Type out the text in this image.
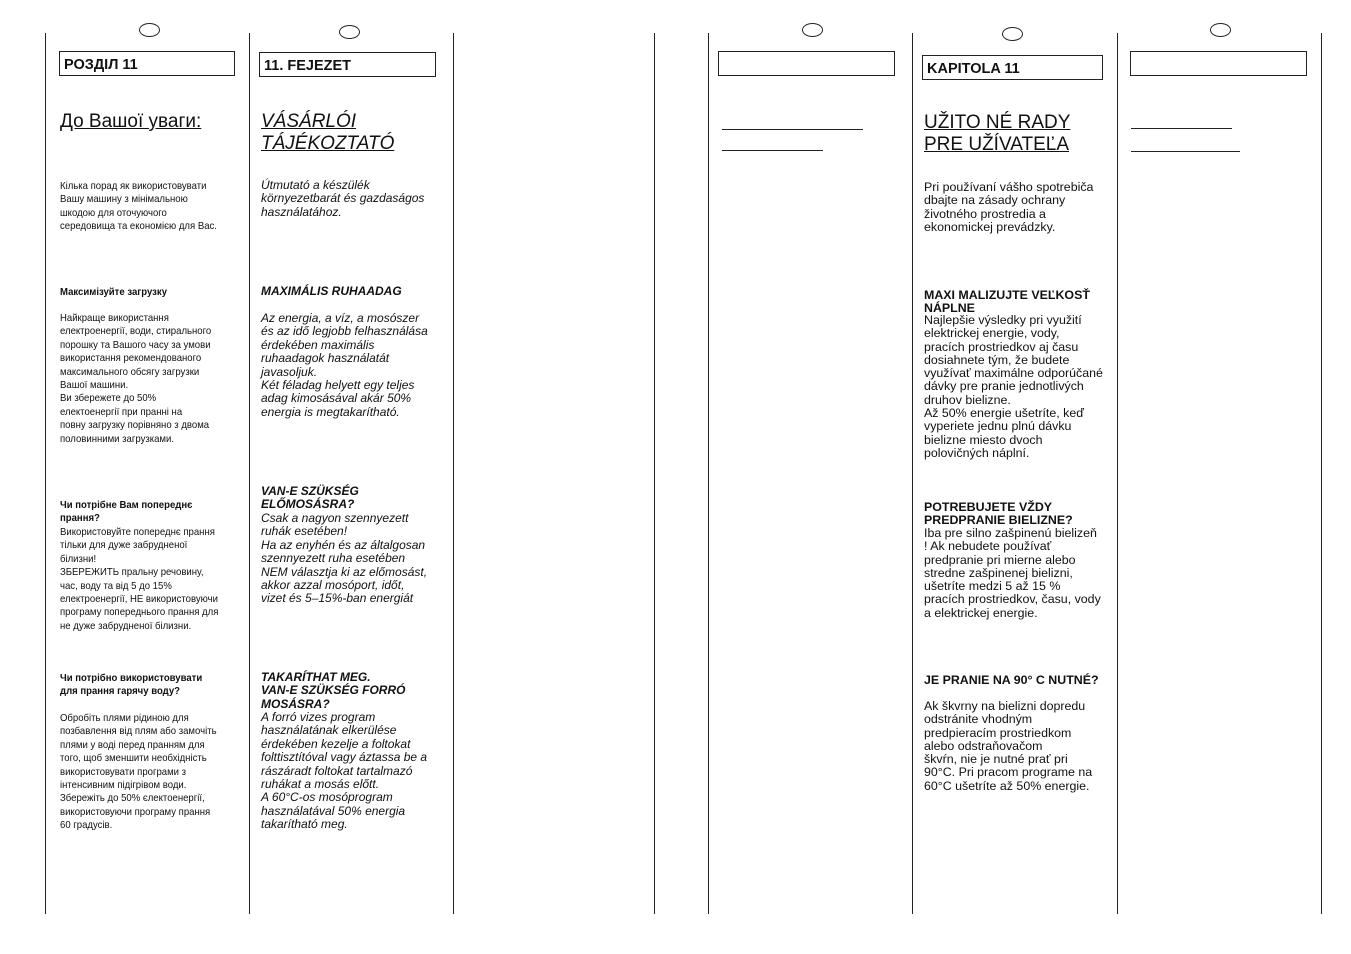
РОЗДІЛ 11
До Вашої уваги:
Кілька порад як використовувати
Вашу машину з мінімальною
шкодою для оточуючого
середовища та економією для Вас.
Максимізуйте загрузку
Найкраще використання
електроенергії, води, стирального
порошку та Вашого часу за умови
використання рекомендованого
максимального обсягу загрузки
Вашої машини.
Ви збережете до 50%
електоенергії при пранні на
повну загрузку порівняно з двома
половинними загрузками.
Чи потрібне Вам попереднє
прання?
Використовуйте попереднє прання
тільки для дуже забрудненої
білизни!
ЗБЕРЕЖИТЬ пральну речовину,
час, воду та від 5 до 15%
електроенергії, НЕ використовуючи
програму попереднього прання для
не дуже забрудненої білизни.
Чи потрібно використовувати
для прання гарячу воду?
Обробіть плями рідиною для
позбавлення від плям або замочіть
плями у воді перед пранням для
того, щоб зменшити необхідність
використовувати програми з
інтенсивним підігрівом води.
Збережіть до 50% єлектоенергії,
використовуючи програму прання
60 градусів.
11. FEJEZET
VÁSÁRLÓI
TÁJÉKOZTATÓ
Útmutató a készülék
környezetbarát és gazdaságos
használatához.
MAXIMÁLIS RUHAADAG
Az energia, a víz, a mosószer
és az idő legjobb felhasználása
érdekében maximális
ruhaadagok használatát
javasoljuk.
Két féladag helyett egy teljes
adag kimosásával akár 50%
energia is megtakarítható.
VAN-E SZÜKSÉG
ELŐMOSÁSRA?
Csak a nagyon szennyezett
ruhák esetében!
Ha az enyhén és az általgosan
szennyezett ruha esetében
NEM választja ki az előmosást,
akkor azzal mosóport, időt,
vizet és 5–15%-ban energiát
TAKARÍTHAT MEG.
VAN-E SZÜKSÉG FORRÓ
MOSÁSRA?
A forró vizes program
használatának elkerülése
érdekében kezelje a foltokat
folttisztítóval vagy áztassa be a
rászáradt foltokat tartalmazó
ruhákat a mosás előtt.
A 60°C-os mosóprogram
használatával 50% energia
takarítható meg.
KAPITOLA 11
UŽITO NÉ RADY
PRE UŽÍVATEĽA
Pri používaní vášho spotrebiča
dbajte na zásady ochrany
životného prostredia a
ekonomickej prevádzky.
MAXI MALIZUJTE VEĽKOSŤ
NÁPLNE
Najlepšie výsledky pri využití
elektrickej energie, vody,
pracích prostriedkov aj času
dosiahnete tým, že budete
využívať maximálne odporúčané
dávky pre pranie jednotlivých
druhov bielizne.
Až 50% energie ušetríte, keď
vyperiete jednu plnú dávku
bielizne miesto dvoch
polovičných náplní.
POTREBUJETE VŽDY
PREDPRANIE BIELIZNE?
Iba pre silno zašpinenú bielizeň
! Ak nebudete používať
predpranie pri mierne alebo
stredne zašpinenej bielizni,
ušetríte medzi 5 až 15 %
pracích prostriedkov, času, vody
a elektrickej energie.
JE PRANIE NA 90° C NUTNÉ?
Ak škvrny na bielizni dopredu
odstránite vhodným
predpieracím prostriedkom
alebo odstraňovačom
škvŕn, nie je nutné prať pri
90°C. Pri pracom programe na
60°C ušetríte až 50% energie.
